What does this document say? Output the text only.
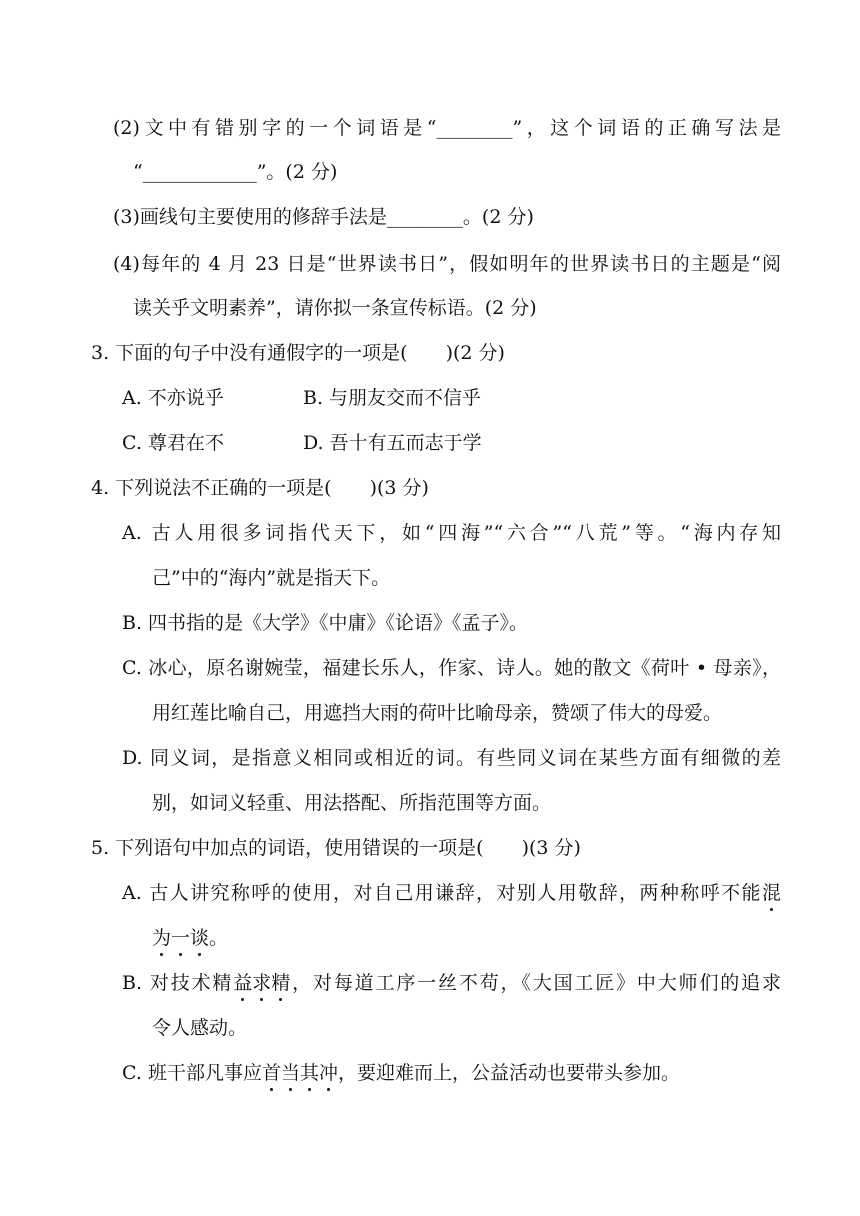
(2)文中有错别字的一个词语是“________”，这个词语的正确写法是
“____________”。(2 分)
(3)画线句主要使用的修辞手法是________。(2 分)
(4)每年的 4 月 23 日是“世界读书日”，假如明年的世界读书日的主题是“阅
读关乎文明素养”，请你拟一条宣传标语。(2 分)
3. 下面的句子中没有通假字的一项是(　　)(2 分)
A. 不亦说乎	B. 与朋友交而不信乎
C. 尊君在不	D. 吾十有五而志于学
4. 下列说法不正确的一项是(　　)(3 分)
A. 古人用很多词指代天下，如“四海”“六合”“八荒”等。“海内存知
己”中的“海内”就是指天下。
B. 四书指的是《大学》《中庸》《论语》《孟子》。
C. 冰心，原名谢婉莹，福建长乐人，作家、诗人。她的散文《荷叶 • 母亲》，
用红莲比喻自己，用遮挡大雨的荷叶比喻母亲，赞颂了伟大的母爱。
D. 同义词，是指意义相同或相近的词。有些同义词在某些方面有细微的差
别，如词义轻重、用法搭配、所指范围等方面。
5. 下列语句中加点的词语，使用错误的一项是(　　)(3 分)
A. 古人讲究称呼的使用，对自己用谦辞，对别人用敬辞，两种称呼不能混
为一谈。
B. 对技术精益求精，对每道工序一丝不苟，《大国工匠》中大师们的追求
令人感动。
C. 班干部凡事应首当其冲，要迎难而上，公益活动也要带头参加。
